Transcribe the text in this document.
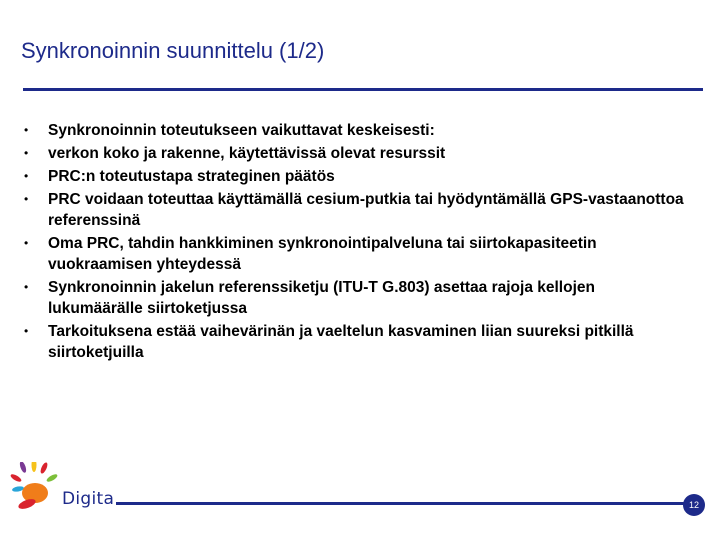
Synkronoinnin suunnittelu (1/2)
• Synkronoinnin toteutukseen vaikuttavat keskeisesti:
• verkon koko ja rakenne, käytettävissä olevat resurssit
• PRC:n toteutustapa strateginen päätös
• PRC voidaan toteuttaa käyttämällä cesium-putkia tai hyödyntämällä GPS-vastaanottoa referenssinä
• Oma PRC, tahdin hankkiminen synkronointipalveluna tai siirtokapasiteetin vuokraamisen yhteydessä
• Synkronoinnin jakelun referenssiketju (ITU-T G.803) asettaa rajoja kellojen lukumäärälle siirtoketjussa
• Tarkoituksena estää vaihevärinän ja vaeltelun kasvaminen liian suureksi pitkillä siirtoketjuilla
Digita	12
